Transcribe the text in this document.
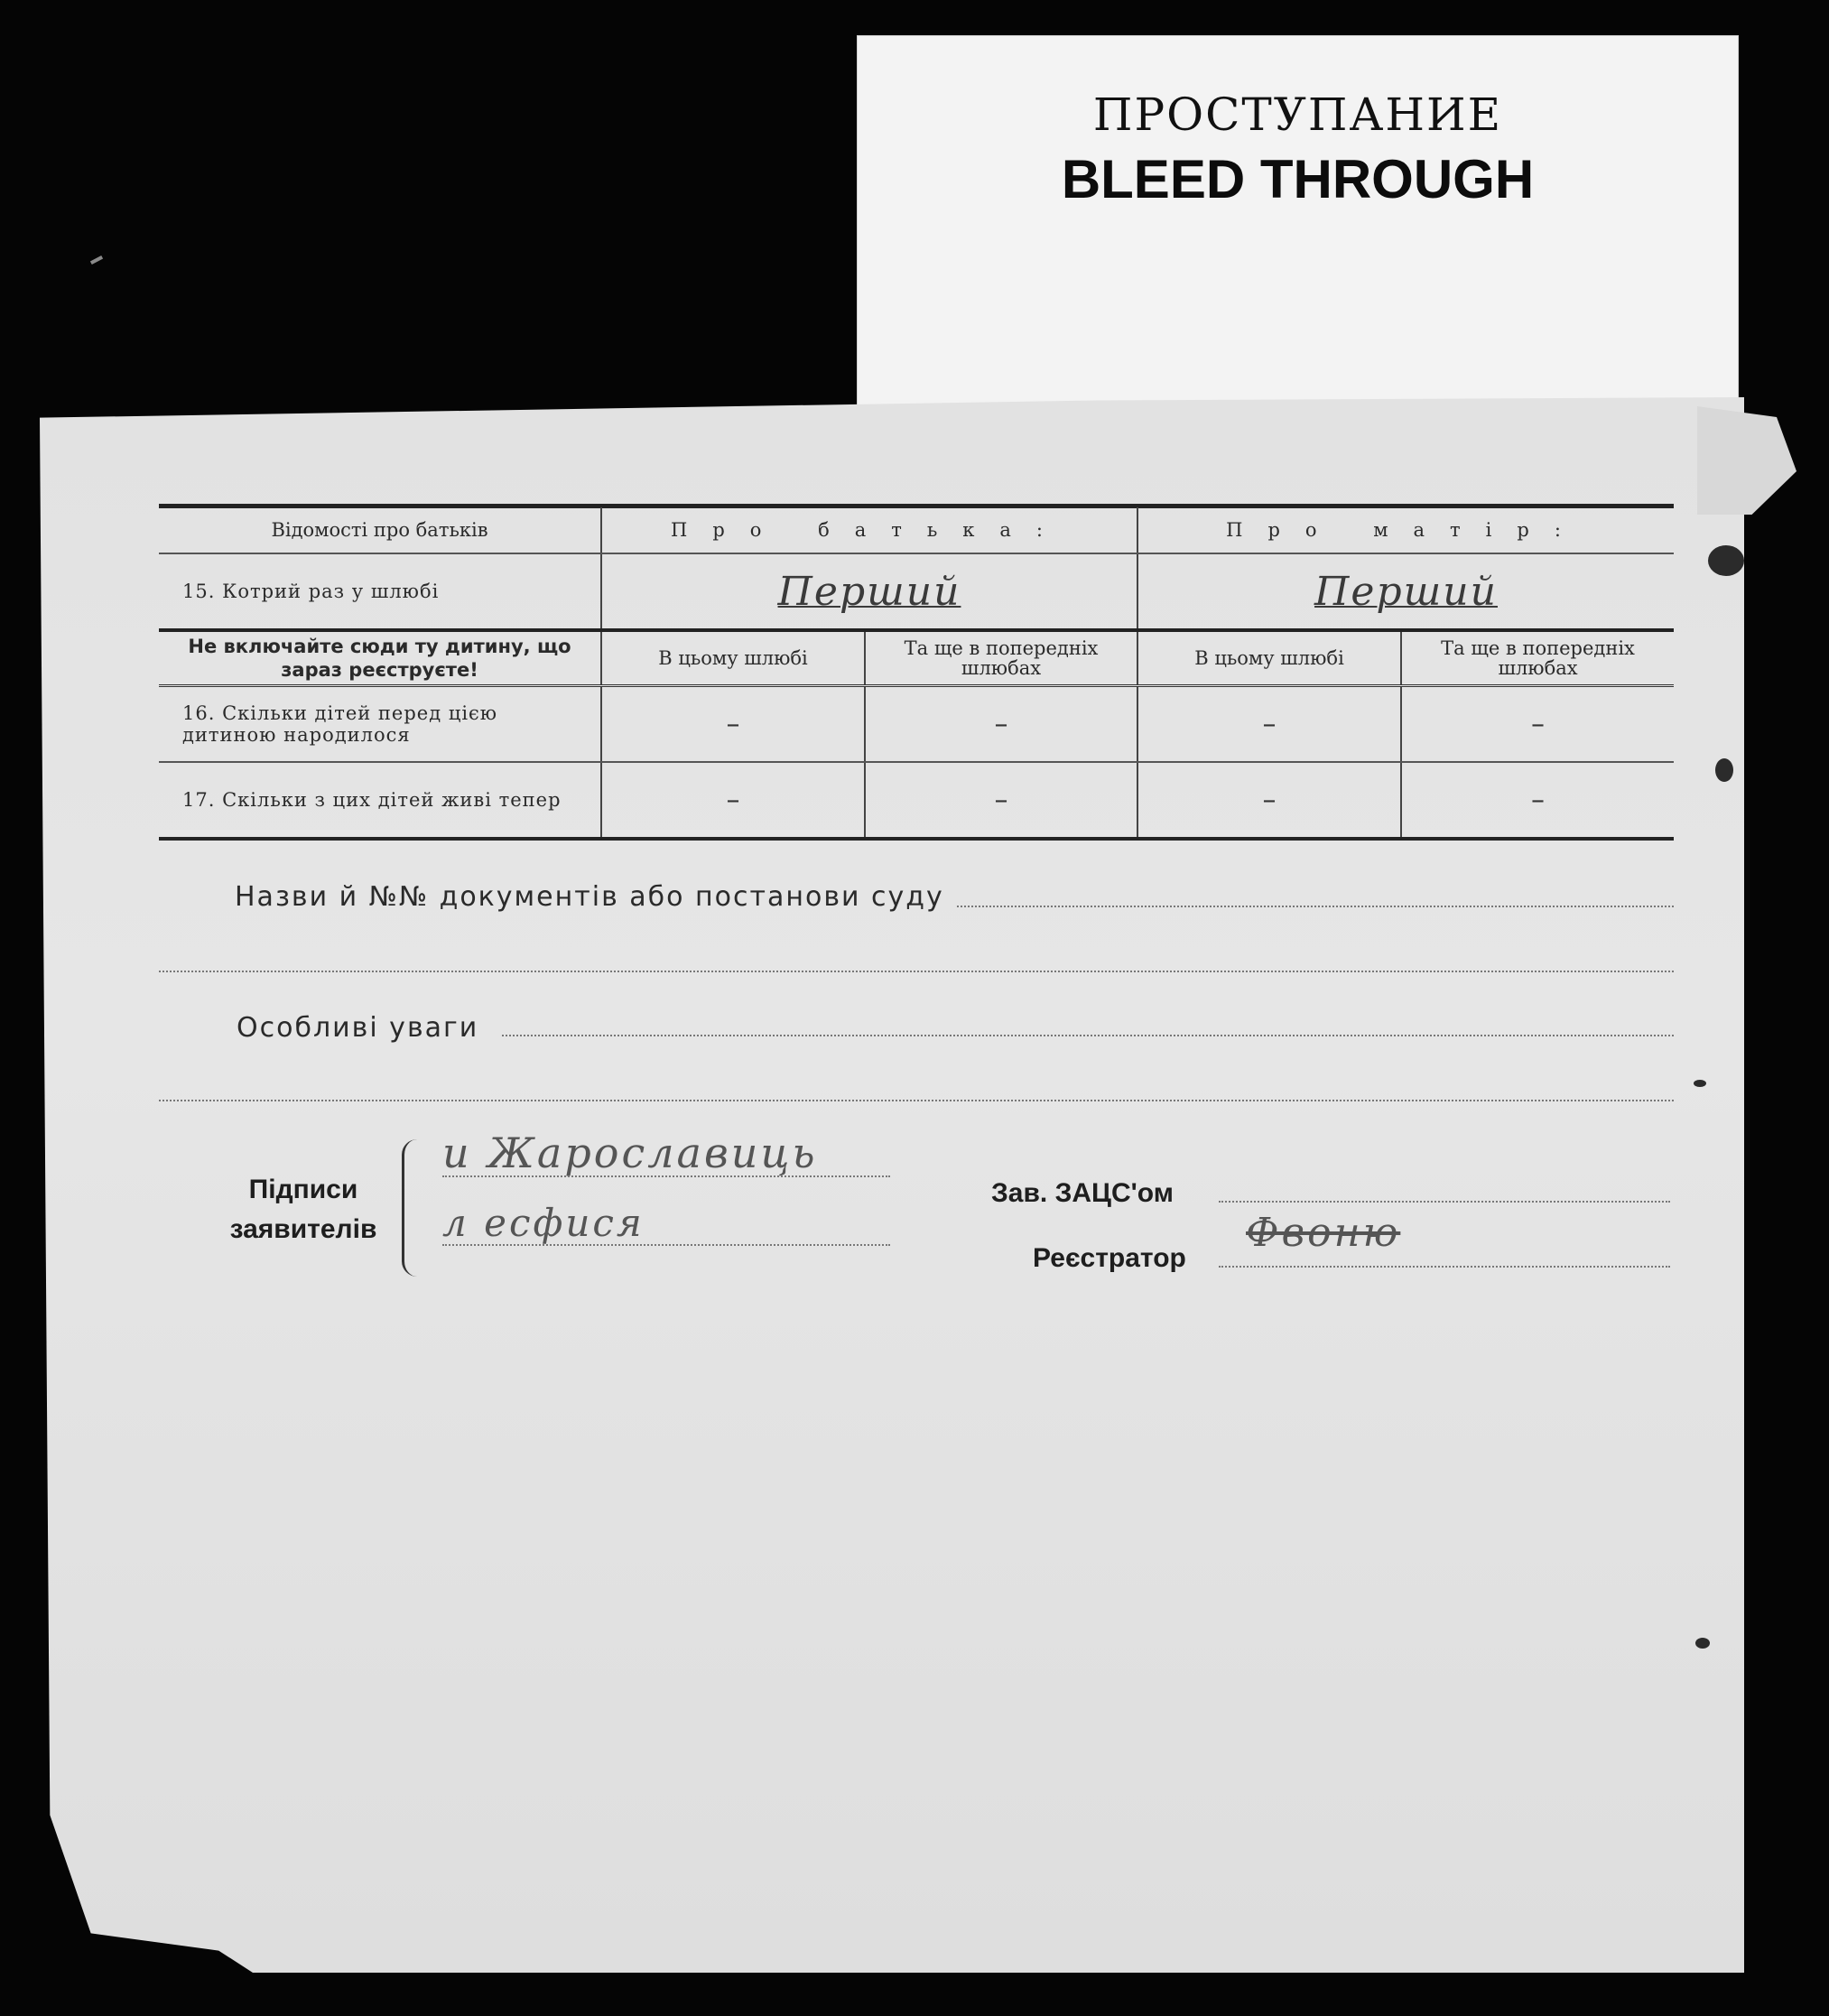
ПРОСТУПАНИЕ
BLEED THROUGH
Відомості про батьків	Про батька:		Про матір:	

15. Котрий раз у шлюбі	Перший		Перший	
Не включайте сюди ту дитину, що зараз реєструєте!	В цьому шлюбі	Та ще в попередніх шлюбах	В цьому шлюбі	Та ще в попередніх шлюбах

16. Скільки дітей перед цією дитиною народилося	–	–	–	–

17. Скільки з цих дітей живі тепер	–	–	–	–
Назви й №№ документів або постанови суду
Особливі уваги
Підписи
заявителів
и Жарославиць
л есфися
Зав. ЗАЦС'ом
Реєстратор
Фвоню
